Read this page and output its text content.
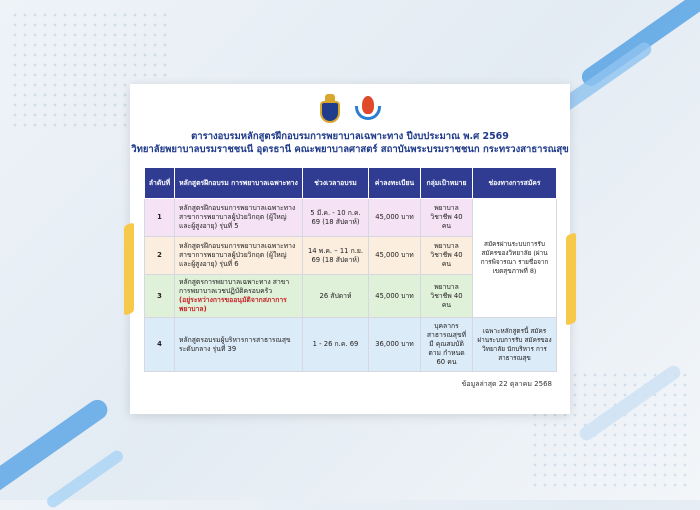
ตารางอบรมหลักสูตรฝึกอบรมการพยาบาลเฉพาะทาง ปีงบประมาณ พ.ศ 2569
วิทยาลัยพยาบาลบรมราชชนนี อุดรธานี คณะพยาบาลศาสตร์ สถาบันพระบรมราชชนก กระทรวงสาธารณสุข
ลำดับที่	หลักสูตรฝึกอบรม การพยาบาลเฉพาะทาง	ช่วงเวลาอบรม	ค่าลงทะเบียน	กลุ่มเป้าหมาย	ช่องทางการสมัคร
1	หลักสูตรฝึกอบรมการพยาบาลเฉพาะทาง สาขาการพยาบาลผู้ป่วยวิกฤต (ผู้ใหญ่และผู้สูงอายุ) รุ่นที่ 5	5 มี.ค. - 10 ก.ค. 69 (18 สัปดาห์)	45,000 บาท	พยาบาลวิชาชีพ 40 คน	สมัครผ่านระบบการรับ สมัครของวิทยาลัย (ผ่านการพิจารณา รายชื่อจากเขตสุขภาพที่ 8)
2	หลักสูตรฝึกอบรมการพยาบาลเฉพาะทาง สาขาการพยาบาลผู้ป่วยวิกฤต (ผู้ใหญ่และผู้สูงอายุ) รุ่นที่ 6	14 พ.ค. – 11 ก.ย. 69 (18 สัปดาห์)	45,000 บาท	พยาบาลวิชาชีพ 40 คน	
3	หลักสูตรการพยาบาลเฉพาะทาง สาขาการพยาบาลเวชปฏิบัติครอบครัว
(อยู่ระหว่างการขออนุมัติจากสภาการพยาบาล)	26 สัปดาห์	45,000 บาท	พยาบาลวิชาชีพ 40 คน	
4	หลักสูตรอบรมผู้บริหารการสาธารณสุข ระดับกลาง รุ่นที่ 39	1 - 26 ก.ค. 69	36,000 บาท	บุคลากร สาธารณสุขที่มี คุณสมบัติตาม กำหนด 60 คน	เฉพาะหลักสูตรนี้ สมัครผ่านระบบการรับ สมัครของวิทยาลัย นักบริหาร การสาธารณสุข
ข้อมูลล่าสุด 22 ตุลาคม 2568
